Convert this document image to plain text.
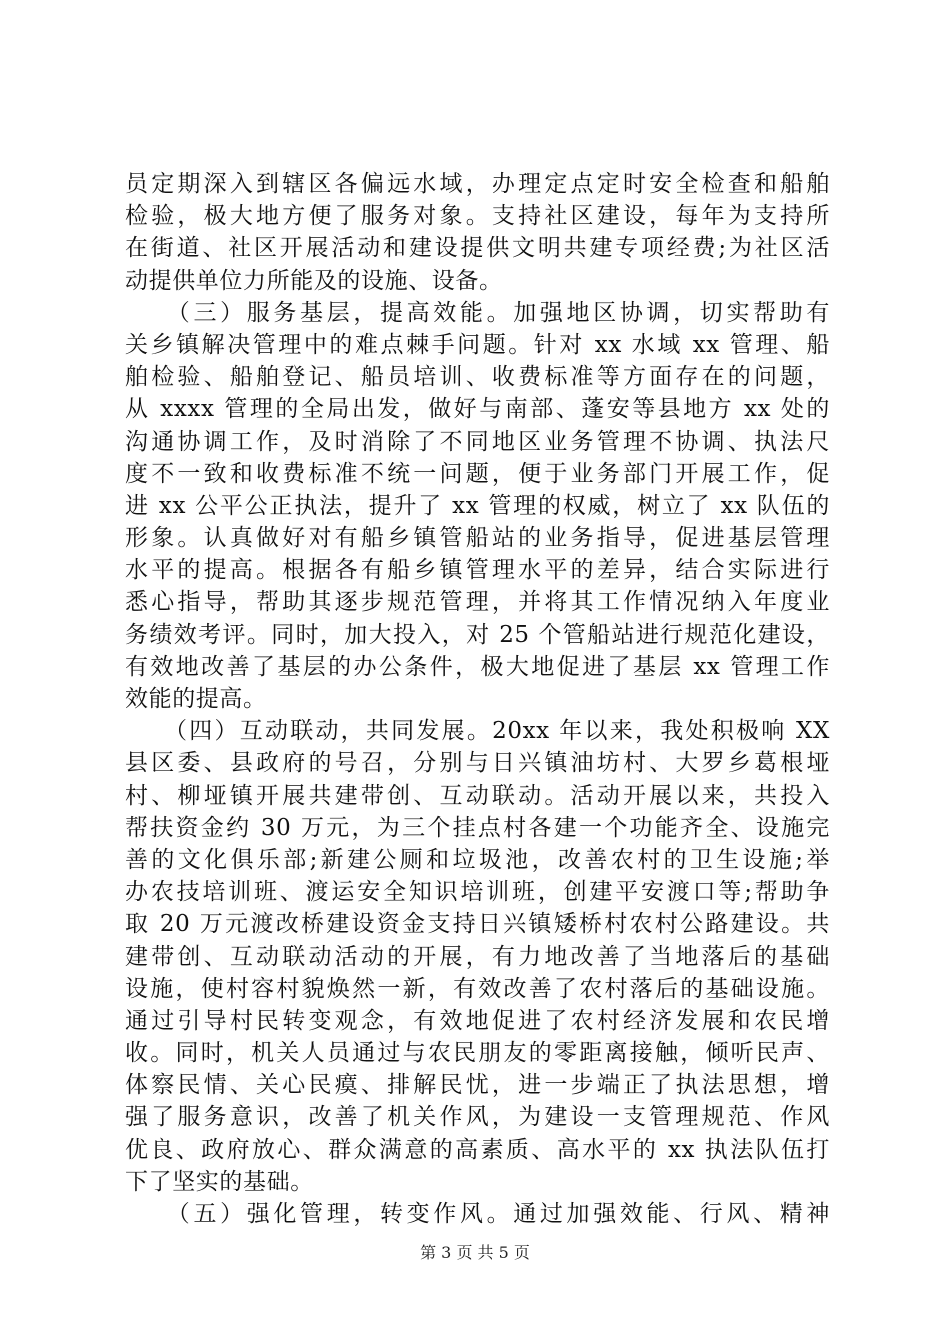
员定期深入到辖区各偏远水域，办理定点定时安全检查和船舶
检验，极大地方便了服务对象。支持社区建设，每年为支持所
在街道、社区开展活动和建设提供文明共建专项经费;为社区活
动提供单位力所能及的设施、设备。
　　（三）服务基层，提高效能。加强地区协调，切实帮助有
关乡镇解决管理中的难点棘手问题。针对 xx 水域 xx 管理、船
舶检验、船舶登记、船员培训、收费标准等方面存在的问题，
从 xxxx 管理的全局出发，做好与南部、蓬安等县地方 xx 处的
沟通协调工作，及时消除了不同地区业务管理不协调、执法尺
度不一致和收费标准不统一问题，便于业务部门开展工作，促
进 xx 公平公正执法，提升了 xx 管理的权威，树立了 xx 队伍的
形象。认真做好对有船乡镇管船站的业务指导，促进基层管理
水平的提高。根据各有船乡镇管理水平的差异，结合实际进行
悉心指导，帮助其逐步规范管理，并将其工作情况纳入年度业
务绩效考评。同时，加大投入，对 25 个管船站进行规范化建设，
有效地改善了基层的办公条件，极大地促进了基层 xx 管理工作
效能的提高。
　　（四）互动联动，共同发展。20xx 年以来，我处积极响 XX
县区委、县政府的号召，分别与日兴镇油坊村、大罗乡葛根垭
村、柳垭镇开展共建带创、互动联动。活动开展以来，共投入
帮扶资金约 30 万元，为三个挂点村各建一个功能齐全、设施完
善的文化俱乐部;新建公厕和垃圾池，改善农村的卫生设施;举
办农技培训班、渡运安全知识培训班，创建平安渡口等;帮助争
取 20 万元渡改桥建设资金支持日兴镇矮桥村农村公路建设。共
建带创、互动联动活动的开展，有力地改善了当地落后的基础
设施，使村容村貌焕然一新，有效改善了农村落后的基础设施。
通过引导村民转变观念，有效地促进了农村经济发展和农民增
收。同时，机关人员通过与农民朋友的零距离接触，倾听民声、
体察民情、关心民瘼、排解民忧，进一步端正了执法思想，增
强了服务意识，改善了机关作风，为建设一支管理规范、作风
优良、政府放心、群众满意的高素质、高水平的 xx 执法队伍打
下了坚实的基础。
　　（五）强化管理，转变作风。通过加强效能、行风、精神
第 3 页 共 5 页
